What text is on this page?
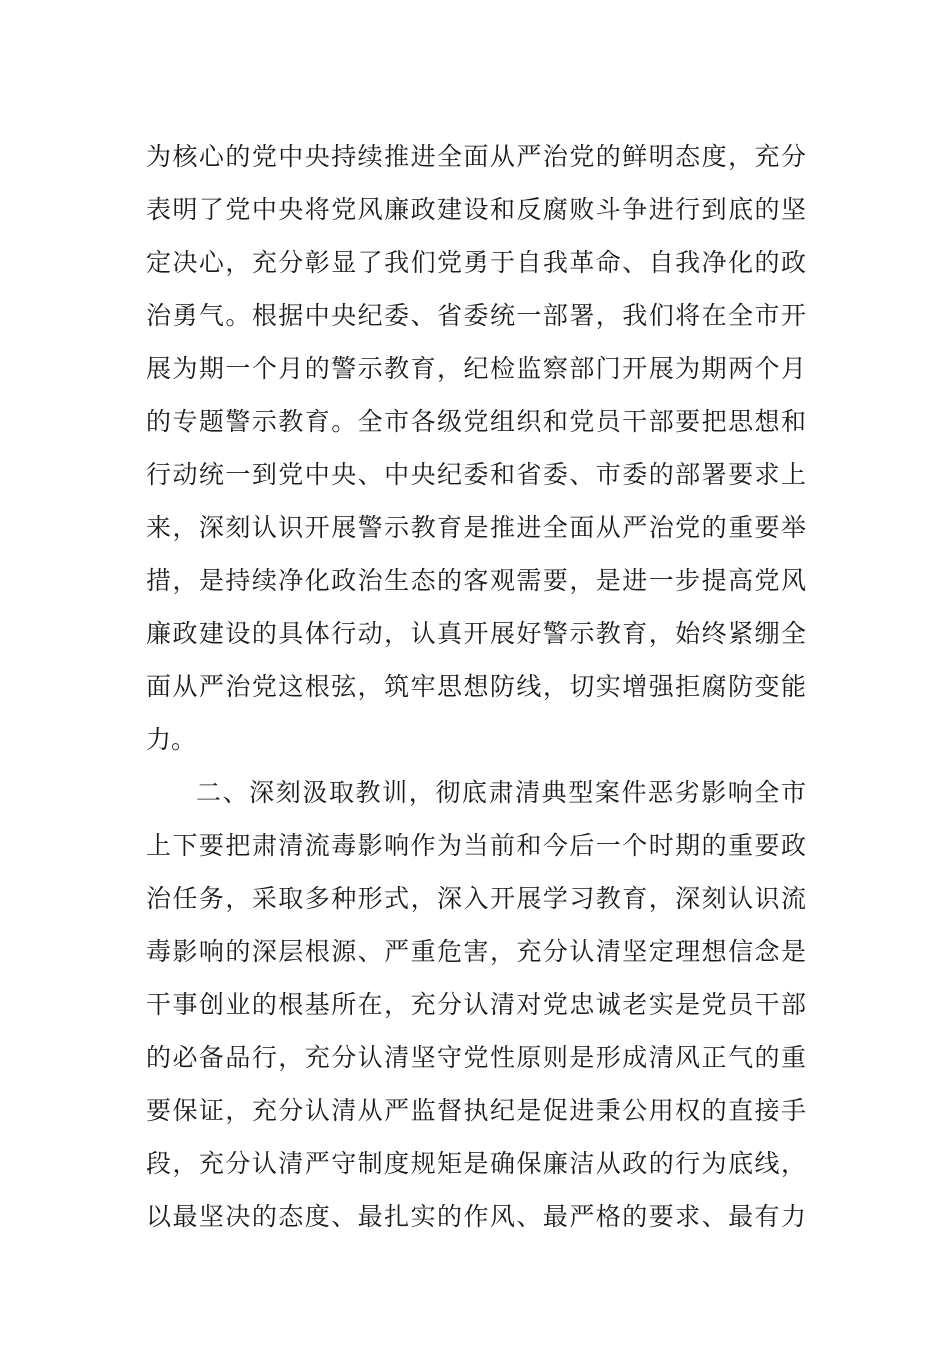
为核心的党中央持续推进全面从严治党的鲜明态度，充分
表明了党中央将党风廉政建设和反腐败斗争进行到底的坚
定决心，充分彰显了我们党勇于自我革命、自我净化的政
治勇气。根据中央纪委、省委统一部署，我们将在全市开
展为期一个月的警示教育，纪检监察部门开展为期两个月
的专题警示教育。全市各级党组织和党员干部要把思想和
行动统一到党中央、中央纪委和省委、市委的部署要求上
来，深刻认识开展警示教育是推进全面从严治党的重要举
措，是持续净化政治生态的客观需要，是进一步提高党风
廉政建设的具体行动，认真开展好警示教育，始终紧绷全
面从严治党这根弦，筑牢思想防线，切实增强拒腐防变能
力。
二、深刻汲取教训，彻底肃清典型案件恶劣影响全市
上下要把肃清流毒影响作为当前和今后一个时期的重要政
治任务，采取多种形式，深入开展学习教育，深刻认识流
毒影响的深层根源、严重危害，充分认清坚定理想信念是
干事创业的根基所在，充分认清对党忠诚老实是党员干部
的必备品行，充分认清坚守党性原则是形成清风正气的重
要保证，充分认清从严监督执纪是促进秉公用权的直接手
段，充分认清严守制度规矩是确保廉洁从政的行为底线，
以最坚决的态度、最扎实的作风、最严格的要求、最有力
